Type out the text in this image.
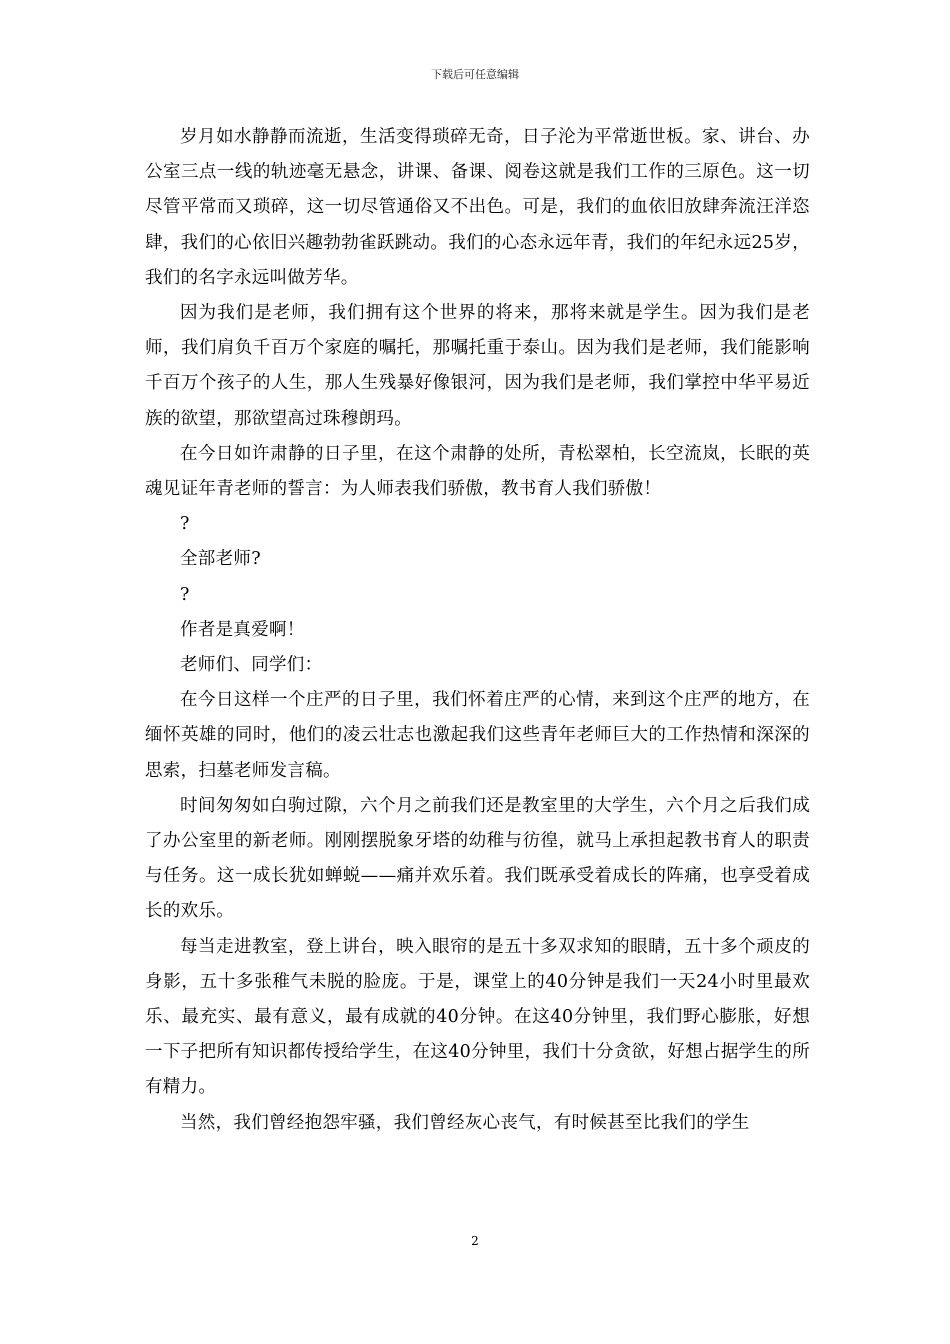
下载后可任意编辑

岁月如水静静而流逝，生活变得琐碎无奇，日子沦为平常逝世板。家、讲台、办公室三点一线的轨迹毫无悬念，讲课、备课、阅卷这就是我们工作的三原色。这一切尽管平常而又琐碎，这一切尽管通俗又不出色。可是，我们的血依旧放肆奔流汪洋恣肆，我们的心依旧兴趣勃勃雀跃跳动。我们的心态永远年青，我们的年纪永远25岁，我们的名字永远叫做芳华。

因为我们是老师，我们拥有这个世界的将来，那将来就是学生。因为我们是老师，我们肩负千百万个家庭的嘱托，那嘱托重于泰山。因为我们是老师，我们能影响千百万个孩子的人生，那人生残暴好像银河，因为我们是老师，我们掌控中华平易近族的欲望，那欲望高过珠穆朗玛。

在今日如许肃静的日子里，在这个肃静的处所，青松翠柏，长空流岚，长眠的英魂见证年青老师的誓言：为人师表我们骄傲，教书育人我们骄傲！

?

全部老师?

?

作者是真爱啊！

老师们、同学们：

在今日这样一个庄严的日子里，我们怀着庄严的心情，来到这个庄严的地方，在缅怀英雄的同时，他们的凌云壮志也激起我们这些青年老师巨大的工作热情和深深的思索，扫墓老师发言稿。

时间匆匆如白驹过隙，六个月之前我们还是教室里的大学生，六个月之后我们成了办公室里的新老师。刚刚摆脱象牙塔的幼稚与彷徨，就马上承担起教书育人的职责与任务。这一成长犹如蝉蜕——痛并欢乐着。我们既承受着成长的阵痛，也享受着成长的欢乐。

每当走进教室，登上讲台，映入眼帘的是五十多双求知的眼睛，五十多个顽皮的身影，五十多张稚气未脱的脸庞。于是，课堂上的40分钟是我们一天24小时里最欢乐、最充实、最有意义，最有成就的40分钟。在这40分钟里，我们野心膨胀，好想一下子把所有知识都传授给学生，在这40分钟里，我们十分贪欲，好想占据学生的所有精力。

当然，我们曾经抱怨牢骚，我们曾经灰心丧气，有时候甚至比我们的学生

2
